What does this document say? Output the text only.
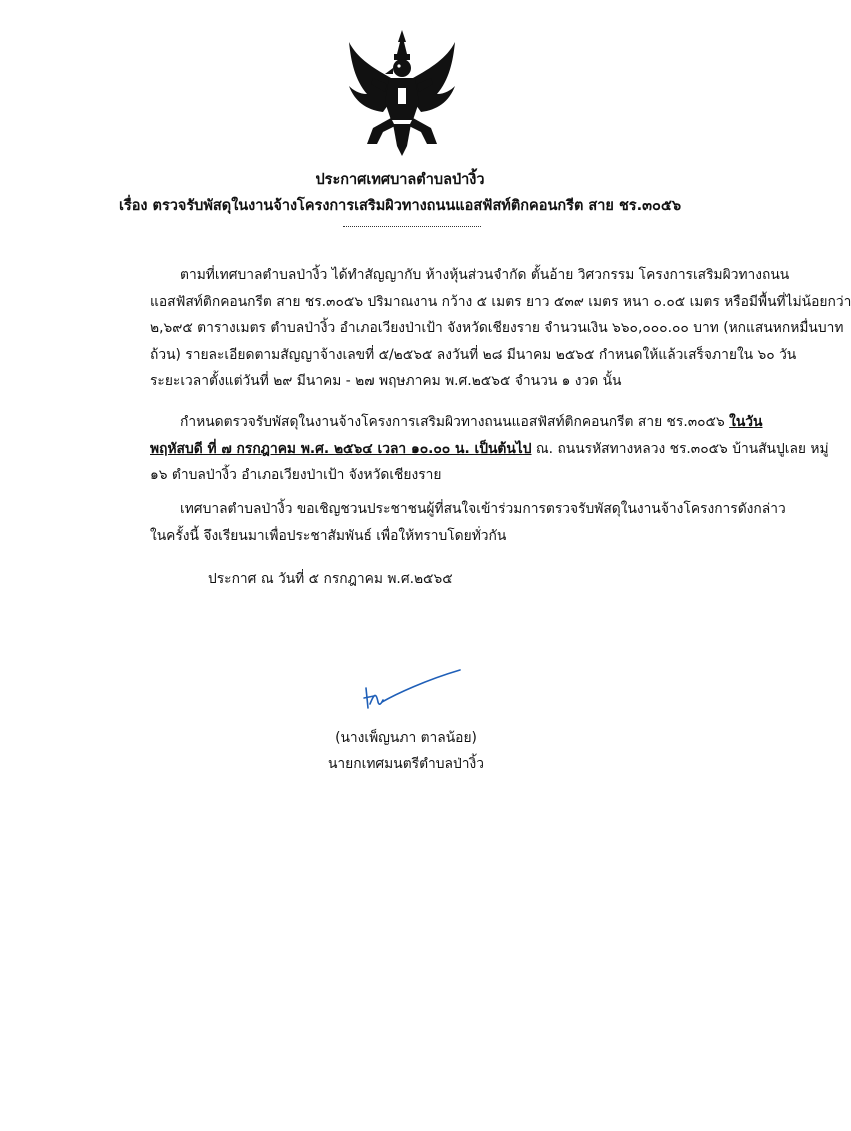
ประกาศเทศบาลตำบลป่างิ้ว
เรื่อง ตรวจรับพัสดุในงานจ้างโครงการเสริมผิวทางถนนแอสฟัสท์ติกคอนกรีต สาย ชร.๓๐๕๖
ตามที่เทศบาลตำบลป่างิ้ว ได้ทำสัญญากับ ห้างหุ้นส่วนจำกัด ตั้นอ้าย วิศวกรรม โครงการเสริมผิวทางถนน
แอสฟัสท์ติกคอนกรีต สาย ชร.๓๐๕๖ ปริมาณงาน กว้าง ๕ เมตร ยาว ๕๓๙ เมตร หนา ๐.๐๕ เมตร หรือมีพื้นที่ไม่น้อยกว่า
๒,๖๙๕ ตารางเมตร ตำบลป่างิ้ว อำเภอเวียงป่าเป้า จังหวัดเชียงราย จำนวนเงิน ๖๖๐,๐๐๐.๐๐ บาท (หกแสนหกหมื่นบาท
ถ้วน) รายละเอียดตามสัญญาจ้างเลขที่ ๕/๒๕๖๕ ลงวันที่ ๒๘ มีนาคม ๒๕๖๕ กำหนดให้แล้วเสร็จภายใน ๖๐ วัน
ระยะเวลาตั้งแต่วันที่ ๒๙ มีนาคม - ๒๗ พฤษภาคม พ.ศ.๒๕๖๕ จำนวน ๑ งวด นั้น
กำหนดตรวจรับพัสดุในงานจ้างโครงการเสริมผิวทางถนนแอสฟัสท์ติกคอนกรีต สาย ชร.๓๐๕๖ ในวัน
พฤหัสบดี ที่ ๗ กรกฎาคม พ.ศ. ๒๕๖๔ เวลา ๑๐.๐๐ น. เป็นต้นไป ณ. ถนนรหัสทางหลวง ชร.๓๐๕๖ บ้านสันปูเลย หมู่
๑๖ ตำบลป่างิ้ว อำเภอเวียงป่าเป้า จังหวัดเชียงราย
เทศบาลตำบลป่างิ้ว ขอเชิญชวนประชาชนผู้ที่สนใจเข้าร่วมการตรวจรับพัสดุในงานจ้างโครงการดังกล่าว
ในครั้งนี้ จึงเรียนมาเพื่อประชาสัมพันธ์ เพื่อให้ทราบโดยทั่วกัน
ประกาศ ณ วันที่ ๕ กรกฎาคม พ.ศ.๒๕๖๕
(นางเพ็ญนภา ตาลน้อย)
นายกเทศมนตรีตำบลป่างิ้ว
